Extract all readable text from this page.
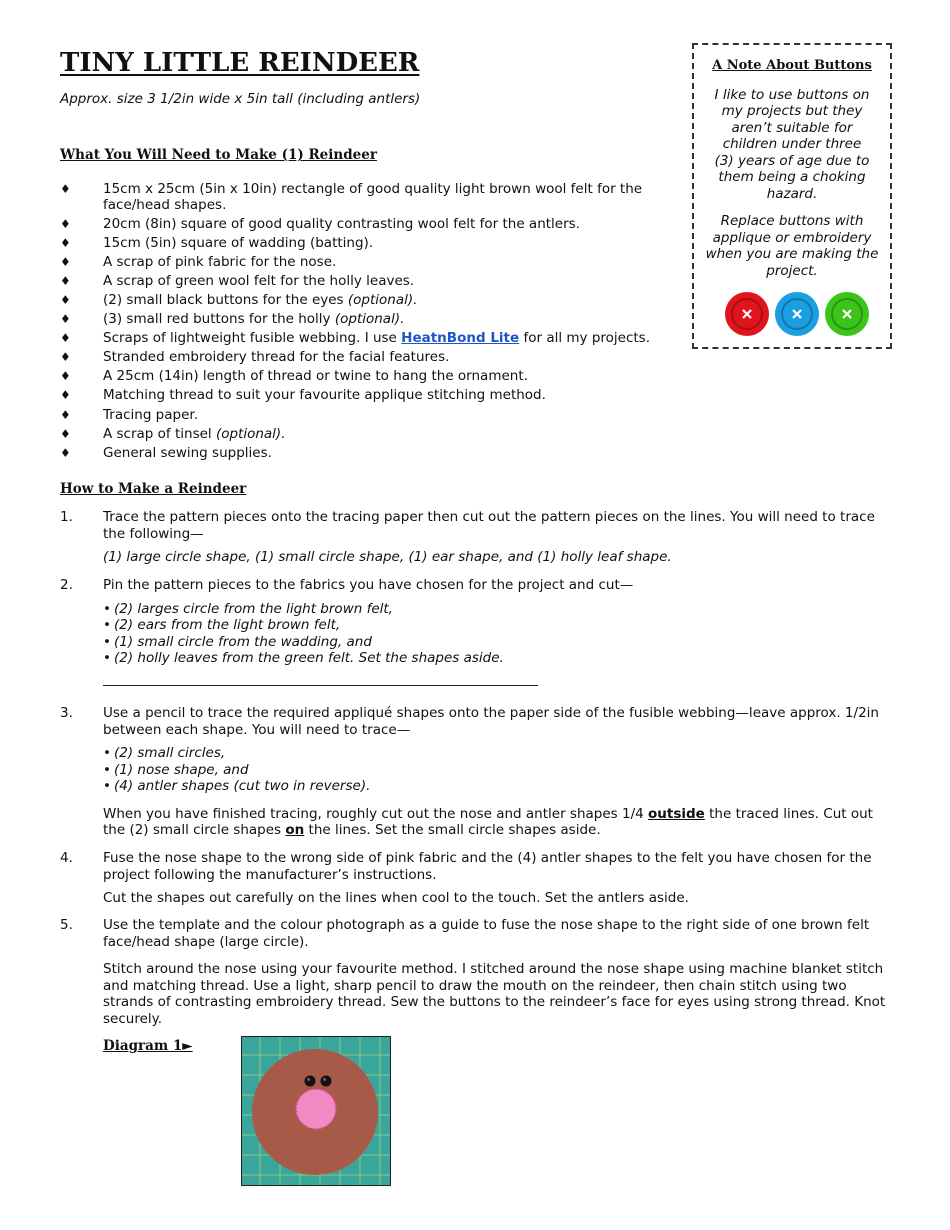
TINY LITTLE REINDEER
Approx. size 3 1/2in wide x 5in tall (including antlers)
What You Will Need to Make (1) Reindeer
♦ 15cm x 25cm (5in x 10in) rectangle of good quality light brown wool felt for the face/head shapes.
♦ 20cm (8in) square of good quality contrasting wool felt for the antlers.
♦ 15cm (5in) square of wadding (batting).
♦ A scrap of pink fabric for the nose.
♦ A scrap of green wool felt for the holly leaves.
♦ (2) small black buttons for the eyes (optional).
♦ (3) small red buttons for the holly (optional).
♦ Scraps of lightweight fusible webbing. I use HeatnBond Lite for all my projects.
♦ Stranded embroidery thread for the facial features.
♦ A 25cm (14in) length of thread or twine to hang the ornament.
♦ Matching thread to suit your favourite applique stitching method.
♦ Tracing paper.
♦ A scrap of tinsel (optional).
♦ General sewing supplies.
How to Make a Reindeer
1. Trace the pattern pieces onto the tracing paper then cut out the pattern pieces on the lines. You will need to trace the following—

(1) large circle shape, (1) small circle shape, (1) ear shape, and (1) holly leaf shape.

2. Pin the pattern pieces to the fabrics you have chosen for the project and cut—

• (2) larges circle from the light brown felt,
• (2) ears from the light brown felt,
• (1) small circle from the wadding, and
• (2) holly leaves from the green felt. Set the shapes aside.
3. Use a pencil to trace the required appliqué shapes onto the paper side of the fusible webbing—leave approx. 1/2in between each shape. You will need to trace—

• (2) small circles,
• (1) nose shape, and
• (4) antler shapes (cut two in reverse).

When you have finished tracing, roughly cut out the nose and antler shapes 1/4 outside the traced lines. Cut out the (2) small circle shapes on the lines. Set the small circle shapes aside.

4. Fuse the nose shape to the wrong side of pink fabric and the (4) antler shapes to the felt you have chosen for the project following the manufacturer’s instructions.

Cut the shapes out carefully on the lines when cool to the touch. Set the antlers aside.

5. Use the template and the colour photograph as a guide to fuse the nose shape to the right side of one brown felt face/head shape (large circle).

Stitch around the nose using your favourite method. I stitched around the nose shape using machine blanket stitch and matching thread. Use a light, sharp pencil to draw the mouth on the reindeer, then chain stitch using two strands of contrasting embroidery thread. Sew the buttons to the reindeer’s face for eyes using strong thread. Knot securely.

Diagram 1►
A Note About Buttons

I like to use buttons on my projects but they aren’t suitable for children under three (3) years of age due to them being a choking hazard.

Replace buttons with applique or embroidery when you are making the project.
